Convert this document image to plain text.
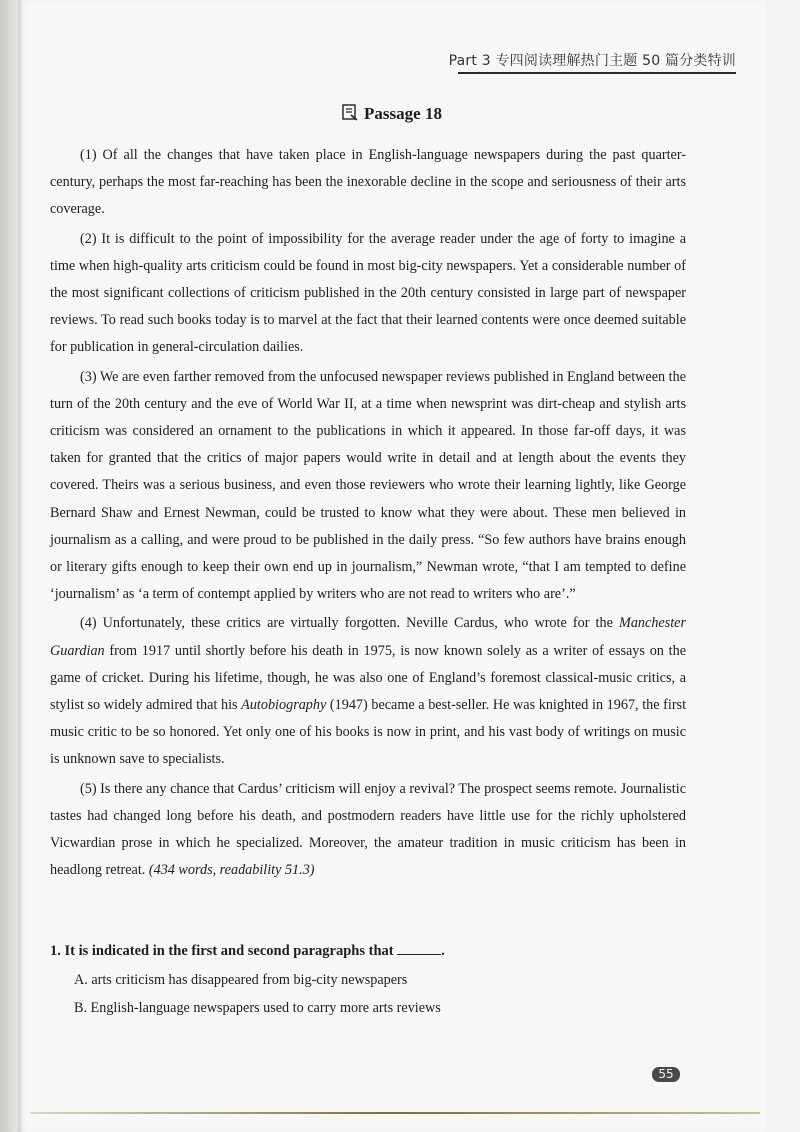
Part 3 专四阅读理解热门主题 50 篇分类特训
Passage 18

(1) Of all the changes that have taken place in English-language newspapers during the past quarter-century, perhaps the most far-reaching has been the inexorable decline in the scope and seriousness of their arts coverage.

(2) It is difficult to the point of impossibility for the average reader under the age of forty to imagine a time when high-quality arts criticism could be found in most big-city newspapers. Yet a considerable number of the most significant collections of criticism published in the 20th century consisted in large part of newspaper reviews. To read such books today is to marvel at the fact that their learned contents were once deemed suitable for publication in general-circulation dailies.

(3) We are even farther removed from the unfocused newspaper reviews published in England between the turn of the 20th century and the eve of World War II, at a time when newsprint was dirt-cheap and stylish arts criticism was considered an ornament to the publications in which it appeared. In those far-off days, it was taken for granted that the critics of major papers would write in detail and at length about the events they covered. Theirs was a serious business, and even those reviewers who wrote their learning lightly, like George Bernard Shaw and Ernest Newman, could be trusted to know what they were about. These men believed in journalism as a calling, and were proud to be published in the daily press. “So few authors have brains enough or literary gifts enough to keep their own end up in journalism,” Newman wrote, “that I am tempted to define ‘journalism’ as ‘a term of contempt applied by writers who are not read to writers who are’.”

(4) Unfortunately, these critics are virtually forgotten. Neville Cardus, who wrote for the Manchester Guardian from 1917 until shortly before his death in 1975, is now known solely as a writer of essays on the game of cricket. During his lifetime, though, he was also one of England’s foremost classical-music critics, a stylist so widely admired that his Autobiography (1947) became a best-seller. He was knighted in 1967, the first music critic to be so honored. Yet only one of his books is now in print, and his vast body of writings on music is unknown save to specialists.

(5) Is there any chance that Cardus’ criticism will enjoy a revival? The prospect seems remote. Journalistic tastes had changed long before his death, and postmodern readers have little use for the richly upholstered Vicwardian prose in which he specialized. Moreover, the amateur tradition in music criticism has been in headlong retreat. (434 words, readability 51.3)

1. It is indicated in the first and second paragraphs that	.
A. arts criticism has disappeared from big-city newspapers
B. English-language newspapers used to carry more arts reviews
55
